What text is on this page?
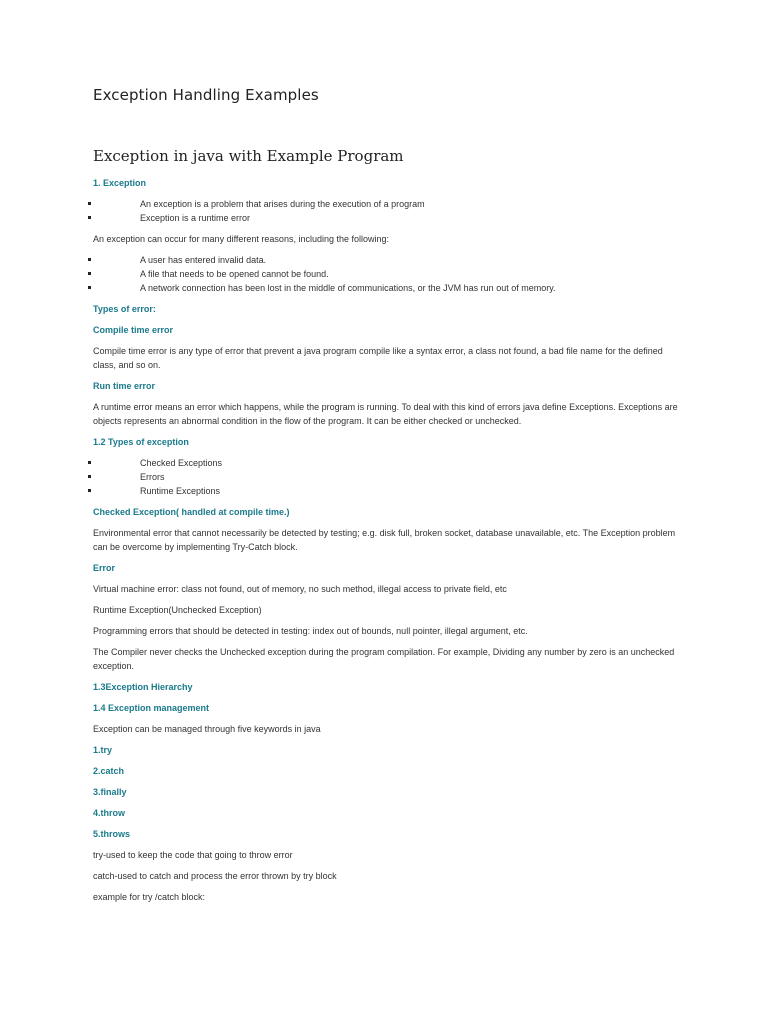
Exception Handling Examples
Exception in java with Example Program

1. Exception

An exception is a problem that arises during the execution of a program
Exception is a runtime error

An exception can occur for many different reasons, including the following:

A user has entered invalid data.
A file that needs to be opened cannot be found.
A network connection has been lost in the middle of communications, or the JVM has run out of memory.

Types of error:

Compile time error

Compile time error is any type of error that prevent a java program compile like a syntax error, a class not found, a bad file name for the defined class, and so on.

Run time error

A runtime error means an error which happens, while the program is running. To deal with this kind of errors java define Exceptions. Exceptions are objects represents an abnormal condition in the flow of the program. It can be either checked or unchecked.

1.2 Types of exception

Checked Exceptions
Errors
Runtime Exceptions

Checked Exception( handled at compile time.)

Environmental error that cannot necessarily be detected by testing; e.g. disk full, broken socket, database unavailable, etc. The Exception problem can be overcome by implementing Try-Catch block.

Error

Virtual machine error: class not found, out of memory, no such method, illegal access to private field, etc

Runtime Exception(Unchecked Exception)

Programming errors that should be detected in testing: index out of bounds, null pointer, illegal argument, etc.

The Compiler never checks the Unchecked exception during the program compilation. For example, Dividing any number by zero is an unchecked exception.

1.3Exception Hierarchy

1.4 Exception management

Exception can be managed through five keywords in java

1.try

2.catch

3.finally

4.throw

5.throws

try-used to keep the code that going to throw error

catch-used to catch and process the error thrown by try block

example for try /catch block:
